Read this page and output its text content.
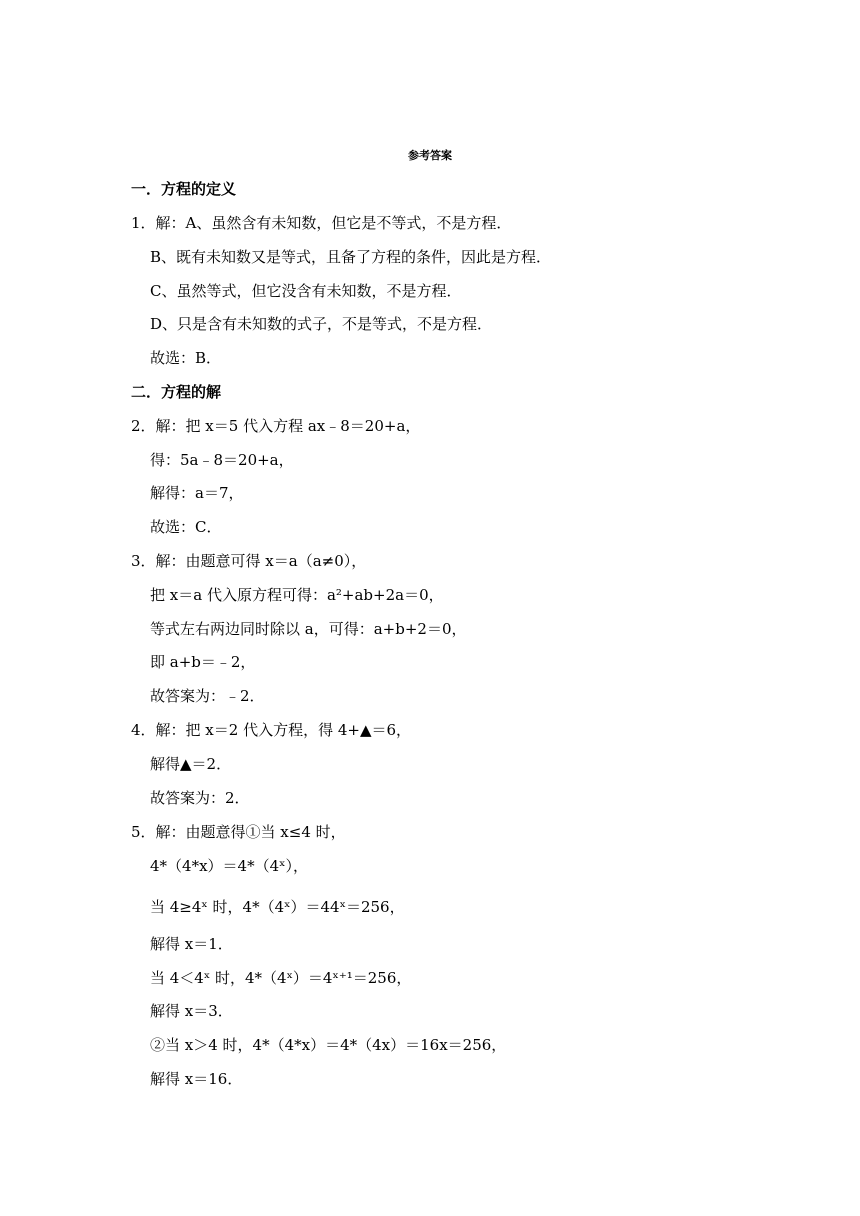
参考答案
一．方程的定义
1．解：A、虽然含有未知数，但它是不等式，不是方程．
B、既有未知数又是等式，且备了方程的条件，因此是方程．
C、虽然等式，但它没含有未知数，不是方程．
D、只是含有未知数的式子，不是等式，不是方程．
故选：B．
二．方程的解
2．解：把 x＝5 代入方程 ax﹣8＝20+a，
得：5a﹣8＝20+a，
解得：a＝7，
故选：C．
3．解：由题意可得 x＝a（a≠0），
把 x＝a 代入原方程可得：a²+ab+2a＝0，
等式左右两边同时除以 a，可得：a+b+2＝0，
即 a+b＝﹣2，
故答案为：﹣2．
4．解：把 x＝2 代入方程，得 4+▲＝6，
解得▲＝2．
故答案为：2．
5．解：由题意得①当 x≤4 时，
4*（4*x）＝4*（4ˣ），
当 4≥4ˣ 时，4*（4ˣ）＝44ˣ＝256，
解得 x＝1．
当 4＜4ˣ 时，4*（4ˣ）＝4ˣ⁺¹＝256，
解得 x＝3．
②当 x＞4 时，4*（4*x）＝4*（4x）＝16x＝256，
解得 x＝16．
